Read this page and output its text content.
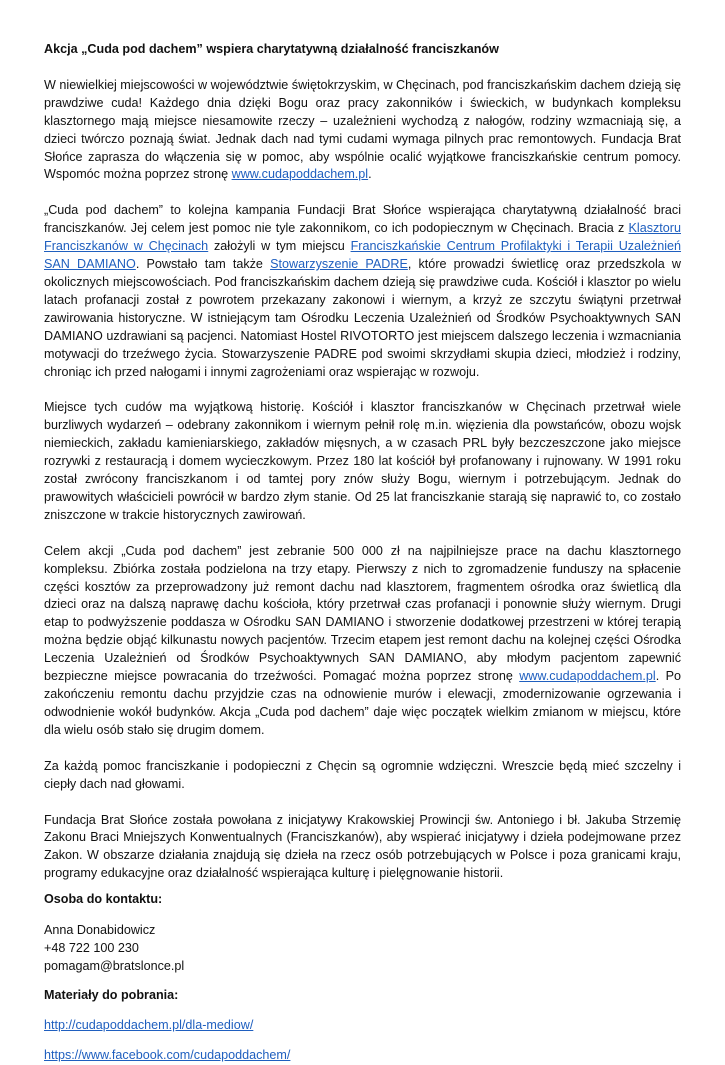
Akcja „Cuda pod dachem” wspiera charytatywną działalność franciszkanów

W niewielkiej miejscowości w województwie świętokrzyskim, w Chęcinach, pod franciszkańskim dachem dzieją się prawdziwe cuda! Każdego dnia dzięki Bogu oraz pracy zakonników i świeckich, w budynkach kompleksu klasztornego mają miejsce niesamowite rzeczy – uzależnieni wychodzą z nałogów, rodziny wzmacniają się, a dzieci twórczo poznają świat. Jednak dach nad tymi cudami wymaga pilnych prac remontowych. Fundacja Brat Słońce zaprasza do włączenia się w pomoc, aby wspólnie ocalić wyjątkowe franciszkańskie centrum pomocy. Wspomóc można poprzez stronę www.cudapoddachem.pl.

„Cuda pod dachem” to kolejna kampania Fundacji Brat Słońce wspierająca charytatywną działalność braci franciszkanów. Jej celem jest pomoc nie tyle zakonnikom, co ich podopiecznym w Chęcinach. Bracia z Klasztoru Franciszkanów w Chęcinach założyli w tym miejscu Franciszkańskie Centrum Profilaktyki i Terapii Uzależnień SAN DAMIANO. Powstało tam także Stowarzyszenie PADRE, które prowadzi świetlicę oraz przedszkola w okolicznych miejscowościach. Pod franciszkańskim dachem dzieją się prawdziwe cuda. Kościół i klasztor po wielu latach profanacji został z powrotem przekazany zakonowi i wiernym, a krzyż ze szczytu świątyni przetrwał zawirowania historyczne. W istniejącym tam Ośrodku Leczenia Uzależnień od Środków Psychoaktywnych SAN DAMIANO uzdrawiani są pacjenci. Natomiast Hostel RIVOTORTO jest miejscem dalszego leczenia i wzmacniania motywacji do trzeźwego życia. Stowarzyszenie PADRE pod swoimi skrzydłami skupia dzieci, młodzież i rodziny, chroniąc ich przed nałogami i innymi zagrożeniami oraz wspierając w rozwoju.

Miejsce tych cudów ma wyjątkową historię. Kościół i klasztor franciszkanów w Chęcinach przetrwał wiele burzliwych wydarzeń – odebrany zakonnikom i wiernym pełnił rolę m.in. więzienia dla powstańców, obozu wojsk niemieckich, zakładu kamieniarskiego, zakładów mięsnych, a w czasach PRL były bezczeszczone jako miejsce rozrywki z restauracją i domem wycieczkowym. Przez 180 lat kościół był profanowany i rujnowany. W 1991 roku został zwrócony franciszkanom i od tamtej pory znów służy Bogu, wiernym i potrzebującym. Jednak do prawowitych właścicieli powrócił w bardzo złym stanie. Od 25 lat franciszkanie starają się naprawić to, co zostało zniszczone w trakcie historycznych zawirowań.

Celem akcji „Cuda pod dachem” jest zebranie 500 000 zł na najpilniejsze prace na dachu klasztornego kompleksu. Zbiórka została podzielona na trzy etapy. Pierwszy z nich to zgromadzenie funduszy na spłacenie części kosztów za przeprowadzony już remont dachu nad klasztorem, fragmentem ośrodka oraz świetlicą dla dzieci oraz na dalszą naprawę dachu kościoła, który przetrwał czas profanacji i ponownie służy wiernym. Drugi etap to podwyższenie poddasza w Ośrodku SAN DAMIANO i stworzenie dodatkowej przestrzeni w której terapią można będzie objąć kilkunastu nowych pacjentów. Trzecim etapem jest remont dachu na kolejnej części Ośrodka Leczenia Uzależnień od Środków Psychoaktywnych SAN DAMIANO, aby młodym pacjentom zapewnić bezpieczne miejsce powracania do trzeźwości. Pomagać można poprzez stronę www.cudapoddachem.pl. Po zakończeniu remontu dachu przyjdzie czas na odnowienie murów i elewacji, zmodernizowanie ogrzewania i odwodnienie wokół budynków. Akcja „Cuda pod dachem” daje więc początek wielkim zmianom w miejscu, które dla wielu osób stało się drugim domem.

Za każdą pomoc franciszkanie i podopieczni z Chęcin są ogromnie wdzięczni. Wreszcie będą mieć szczelny i ciepły dach nad głowami.

Fundacja Brat Słońce została powołana z inicjatywy Krakowskiej Prowincji św. Antoniego i bł. Jakuba Strzemię Zakonu Braci Mniejszych Konwentualnych (Franciszkanów), aby wspierać inicjatywy i dzieła podejmowane przez Zakon. W obszarze działania znajdują się dzieła na rzecz osób potrzebujących w Polsce i poza granicami kraju, programy edukacyjne oraz działalność wspierająca kulturę i pielęgnowanie historii.

Osoba do kontaktu:
Anna Donabidowicz
+48 722 100 230
pomagam@bratslonce.pl
Materiały do pobrania:
http://cudapoddachem.pl/dla-mediow/
https://www.facebook.com/cudapoddachem/
